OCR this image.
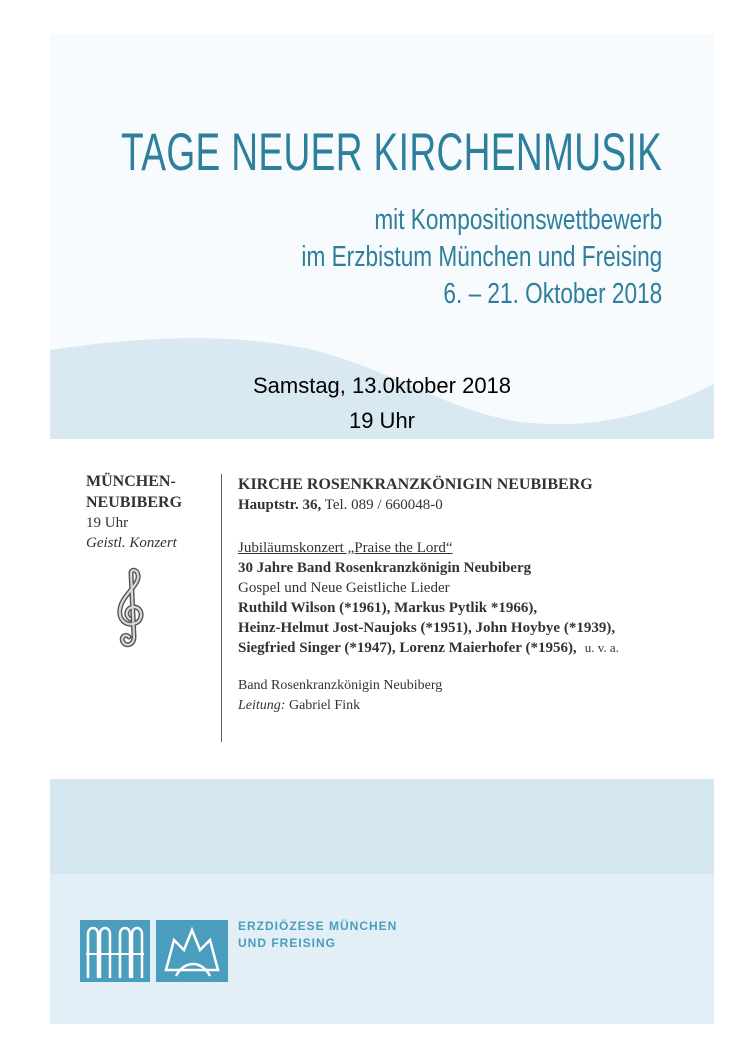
TAGE NEUER KIRCHENMUSIK
mit Kompositionswettbewerb
im Erzbistum München und Freising
6. – 21. Oktober 2018
Samstag, 13.0ktober 2018
19 Uhr
MÜNCHEN-
NEUBIBERG
19 Uhr
Geistl. Konzert
KIRCHE ROSENKRANZKÖNIGIN NEUBIBERG
Hauptstr. 36, Tel. 089 / 660048-0
Jubiläumskonzert „Praise the Lord“
30 Jahre Band Rosenkranzkönigin Neubiberg
Gospel und Neue Geistliche Lieder
Ruthild Wilson (*1961), Markus Pytlik *1966),
Heinz-Helmut Jost-Naujoks (*1951), John Hoybye (*1939),
Siegfried Singer (*1947), Lorenz Maierhofer (*1956), u. v. a.
Band Rosenkranzkönigin Neubiberg
Leitung: Gabriel Fink
ERZDIÖZESE MÜNCHEN
UND FREISING
